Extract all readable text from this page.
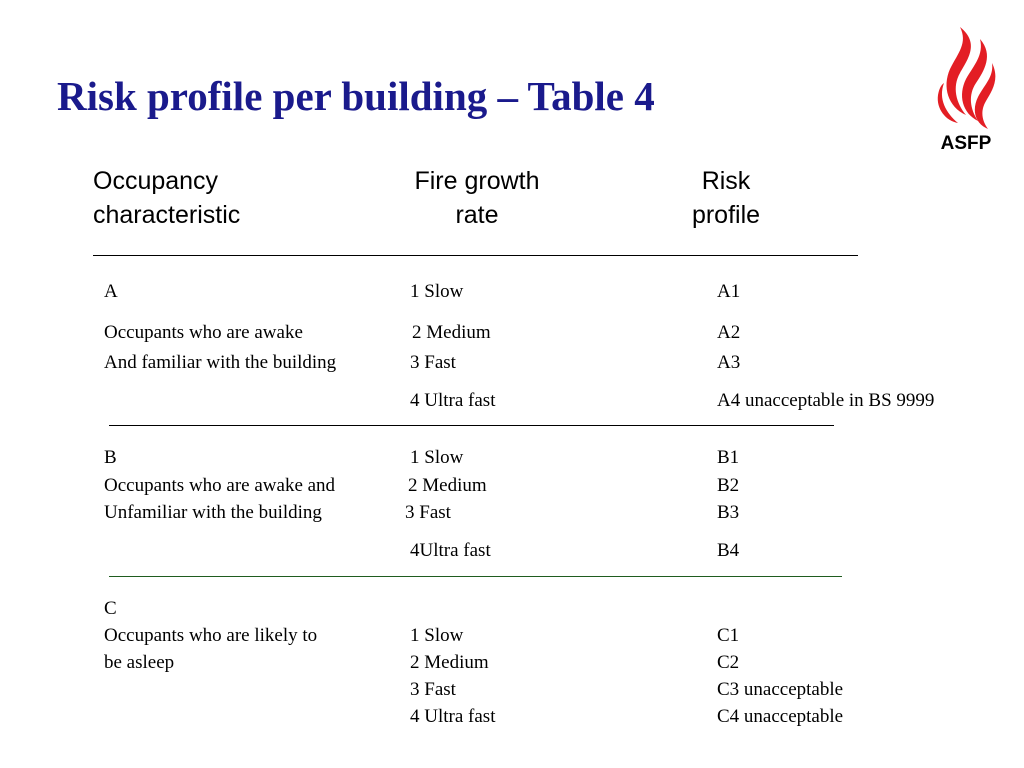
Risk profile per building – Table 4
ASFP
Occupancy
characteristic
Fire growth
rate
Risk
profile
A
Occupants who are awake
And familiar with the building
1 Slow
2 Medium
3 Fast
4 Ultra fast
A1
A2
A3
A4 unacceptable in BS 9999
B
Occupants who are awake and
Unfamiliar with the building
1 Slow
2 Medium
3 Fast
4Ultra fast
B1
B2
B3
B4
C
Occupants who are likely to
be asleep
1 Slow
2 Medium
3 Fast
4 Ultra fast
C1
C2
C3 unacceptable
C4 unacceptable
